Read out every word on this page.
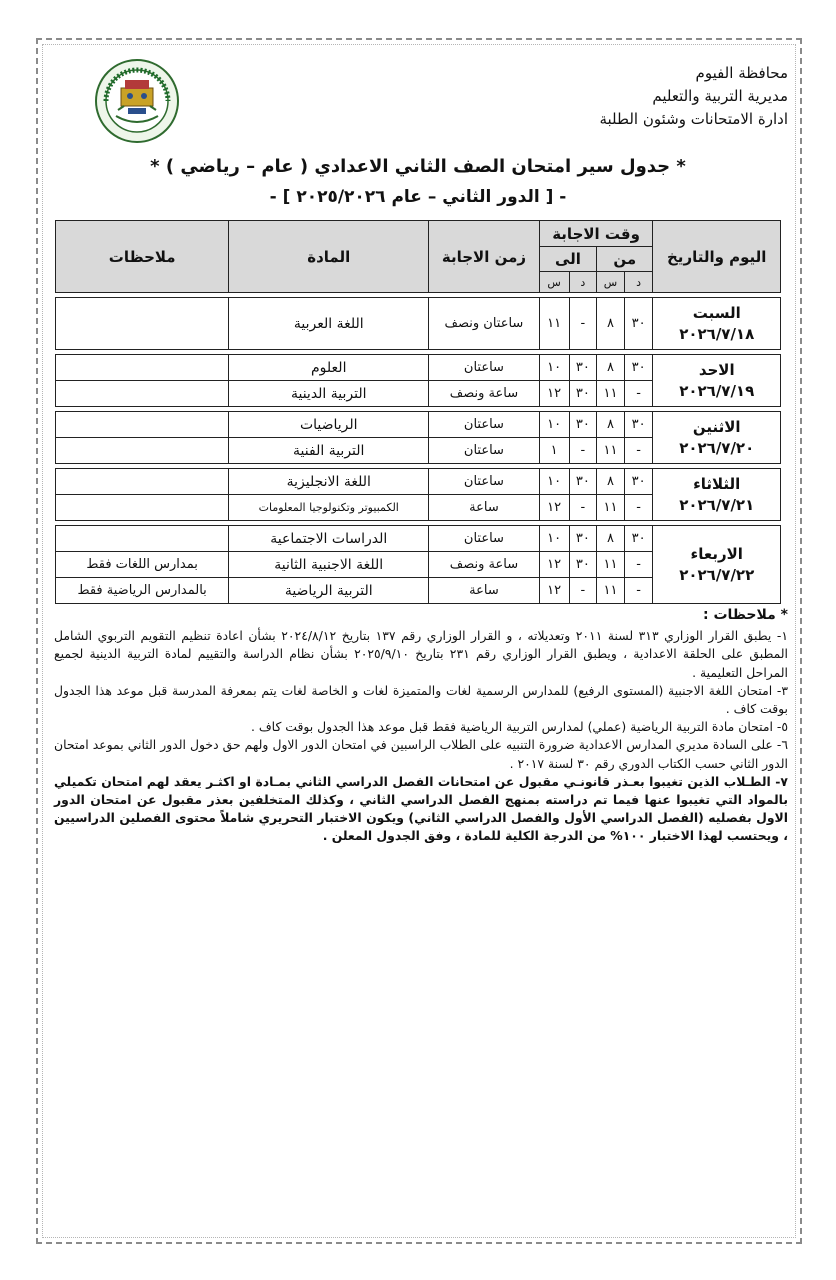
محافظة الفيوم
مديرية التربية والتعليم
ادارة الامتحانات وشئون الطلبة
* جدول سير امتحان الصف الثاني الاعدادي ( عام – رياضي ) *
- [ الدور الثاني – عام ٢٠٢٥/٢٠٢٦ ] -
اليوم والتاريخ	وقت الاجابة				زمن الاجابة	المادة	ملاحظات
	من		الى				
	د	س	د	س			

السبت
٢٠٢٦/٧/١٨	٣٠	٨	-	١١	ساعتان ونصف	اللغة العربية	

الاحد
٢٠٢٦/٧/١٩	٣٠	٨	٣٠	١٠	ساعتان	العلوم	
	-	١١	٣٠	١٢	ساعة ونصف	التربية الدينية	

الاثنين
٢٠٢٦/٧/٢٠	٣٠	٨	٣٠	١٠	ساعتان	الرياضيات	
	-	١١	-	١	ساعتان	التربية الفنية	

الثلاثاء
٢٠٢٦/٧/٢١	٣٠	٨	٣٠	١٠	ساعتان	اللغة الانجليزية	
	-	١١	-	١٢	ساعة	الكمبيوتر وتكنولوجيا المعلومات	

الاربعاء
٢٠٢٦/٧/٢٢	٣٠	٨	٣٠	١٠	ساعتان	الدراسات الاجتماعية	
	-	١١	٣٠	١٢	ساعة ونصف	اللغة الاجنبية الثانية	بمدارس اللغات فقط
	-	١١	-	١٢	ساعة	التربية الرياضية	بالمدارس الرياضية فقط
* ملاحظات :

١- يطبق القرار الوزاري ٣١٣ لسنة ٢٠١١ وتعديلاته ، و القرار الوزاري رقم ١٣٧ بتاريخ ٢٠٢٤/٨/١٢ بشأن اعادة تنظيم التقويم التربوي الشامل المطبق على الحلقة الاعدادية ، ويطبق القرار الوزاري رقم ٢٣١ بتاريخ ٢٠٢٥/٩/١٠ بشأن نظام الدراسة والتقييم لمادة التربية الدينية لجميع المراحل التعليمية .

٣- امتحان اللغة الاجنبية (المستوى الرفيع) للمدارس الرسمية لغات والمتميزة لغات و الخاصة لغات يتم بمعرفة المدرسة قبل موعد هذا الجدول بوقت كاف .

٥- امتحان مادة التربية الرياضية (عملي) لمدارس التربية الرياضية فقط قبل موعد هذا الجدول بوقت كاف .

٦- على السادة مديري المدارس الاعدادية ضرورة التنبيه على الطلاب الراسبين في امتحان الدور الاول ولهم حق دخول الدور الثاني بموعد امتحان الدور الثاني حسب الكتاب الدوري رقم ٣٠ لسنة ٢٠١٧ .

٧- الطـلاب الذين تغيبوا بعـذر قانونـي مقبول عن امتحانات الفصل الدراسي الثاني بمـادة او اكثـر يعقد لهم امتحان تكميلي بالمواد التي تغيبوا عنها فيما تم دراسته بمنهج الفصل الدراسي الثاني ، وكذلك المتخلفين بعذر مقبول عن امتحان الدور الاول بفصليه (الفصل الدراسي الأول والفصل الدراسي الثاني) ويكون الاختبار التحريري شاملاً محتوى الفصلين الدراسيين ، ويحتسب لهذا الاختبار ١٠٠% من الدرجة الكلية للمادة ، وفق الجدول المعلن .
